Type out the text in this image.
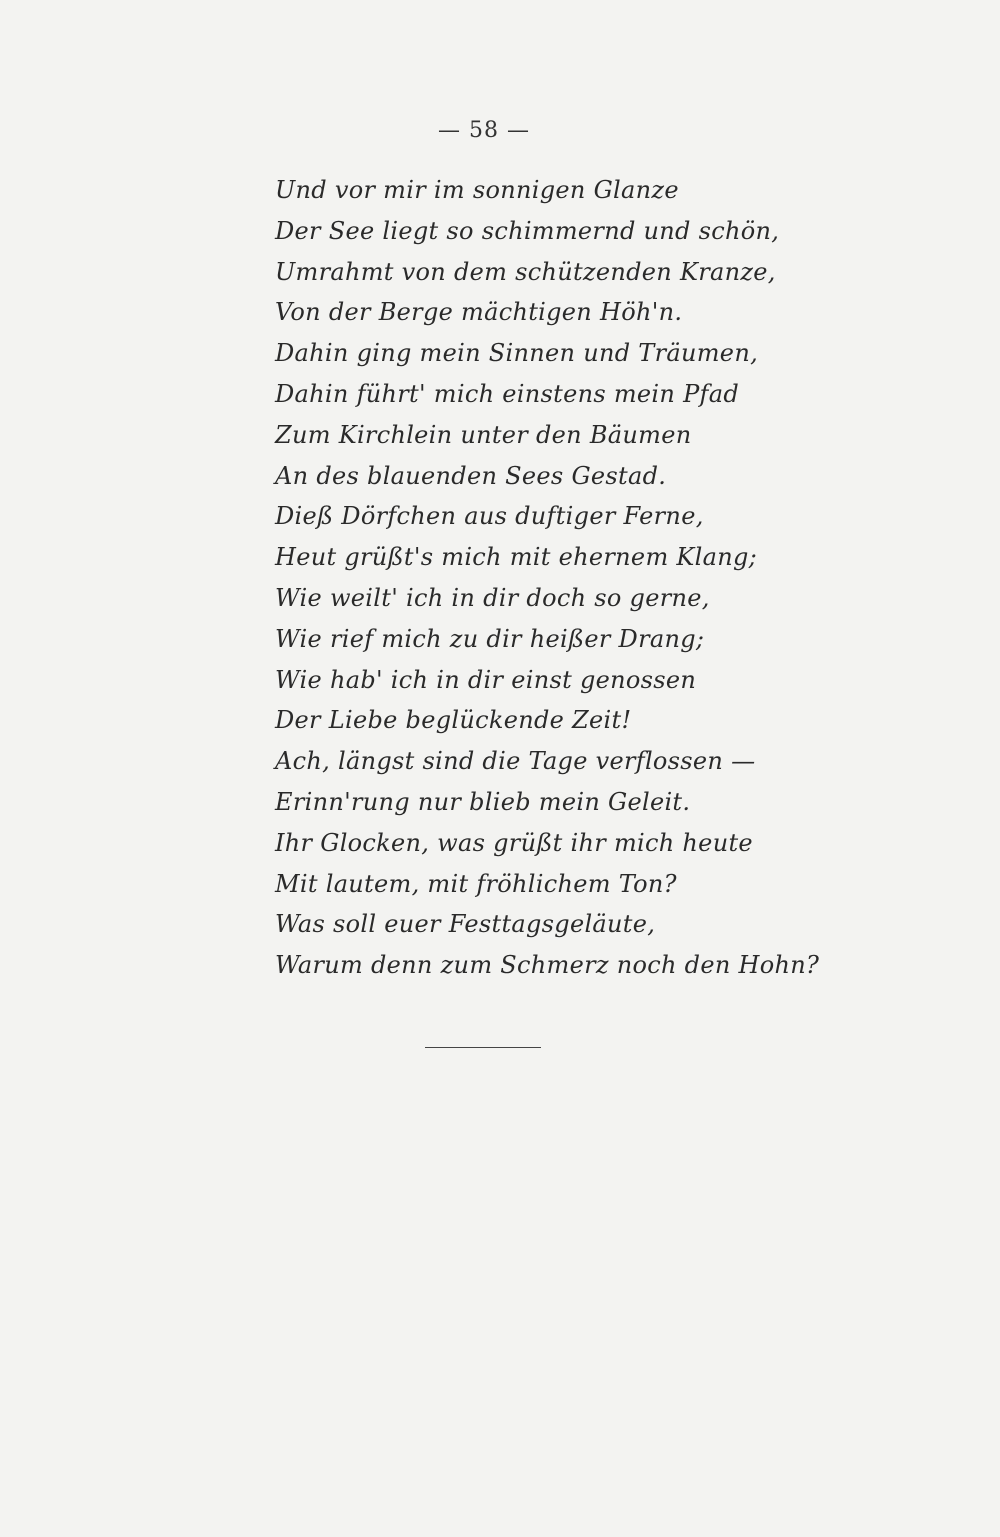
— 58 —
Und vor mir im sonnigen Glanze
Der See liegt so schimmernd und schön,
Umrahmt von dem schützenden Kranze,
Von der Berge mächtigen Höh'n.
Dahin ging mein Sinnen und Träumen,
Dahin führt' mich einstens mein Pfad
Zum Kirchlein unter den Bäumen
An des blauenden Sees Gestad.
Dieß Dörfchen aus duftiger Ferne,
Heut grüßt's mich mit ehernem Klang;
Wie weilt' ich in dir doch so gerne,
Wie rief mich zu dir heißer Drang;
Wie hab' ich in dir einst genossen
Der Liebe beglückende Zeit!
Ach, längst sind die Tage verflossen —
Erinn'rung nur blieb mein Geleit.
Ihr Glocken, was grüßt ihr mich heute
Mit lautem, mit fröhlichem Ton?
Was soll euer Festtagsgeläute,
Warum denn zum Schmerz noch den Hohn?
